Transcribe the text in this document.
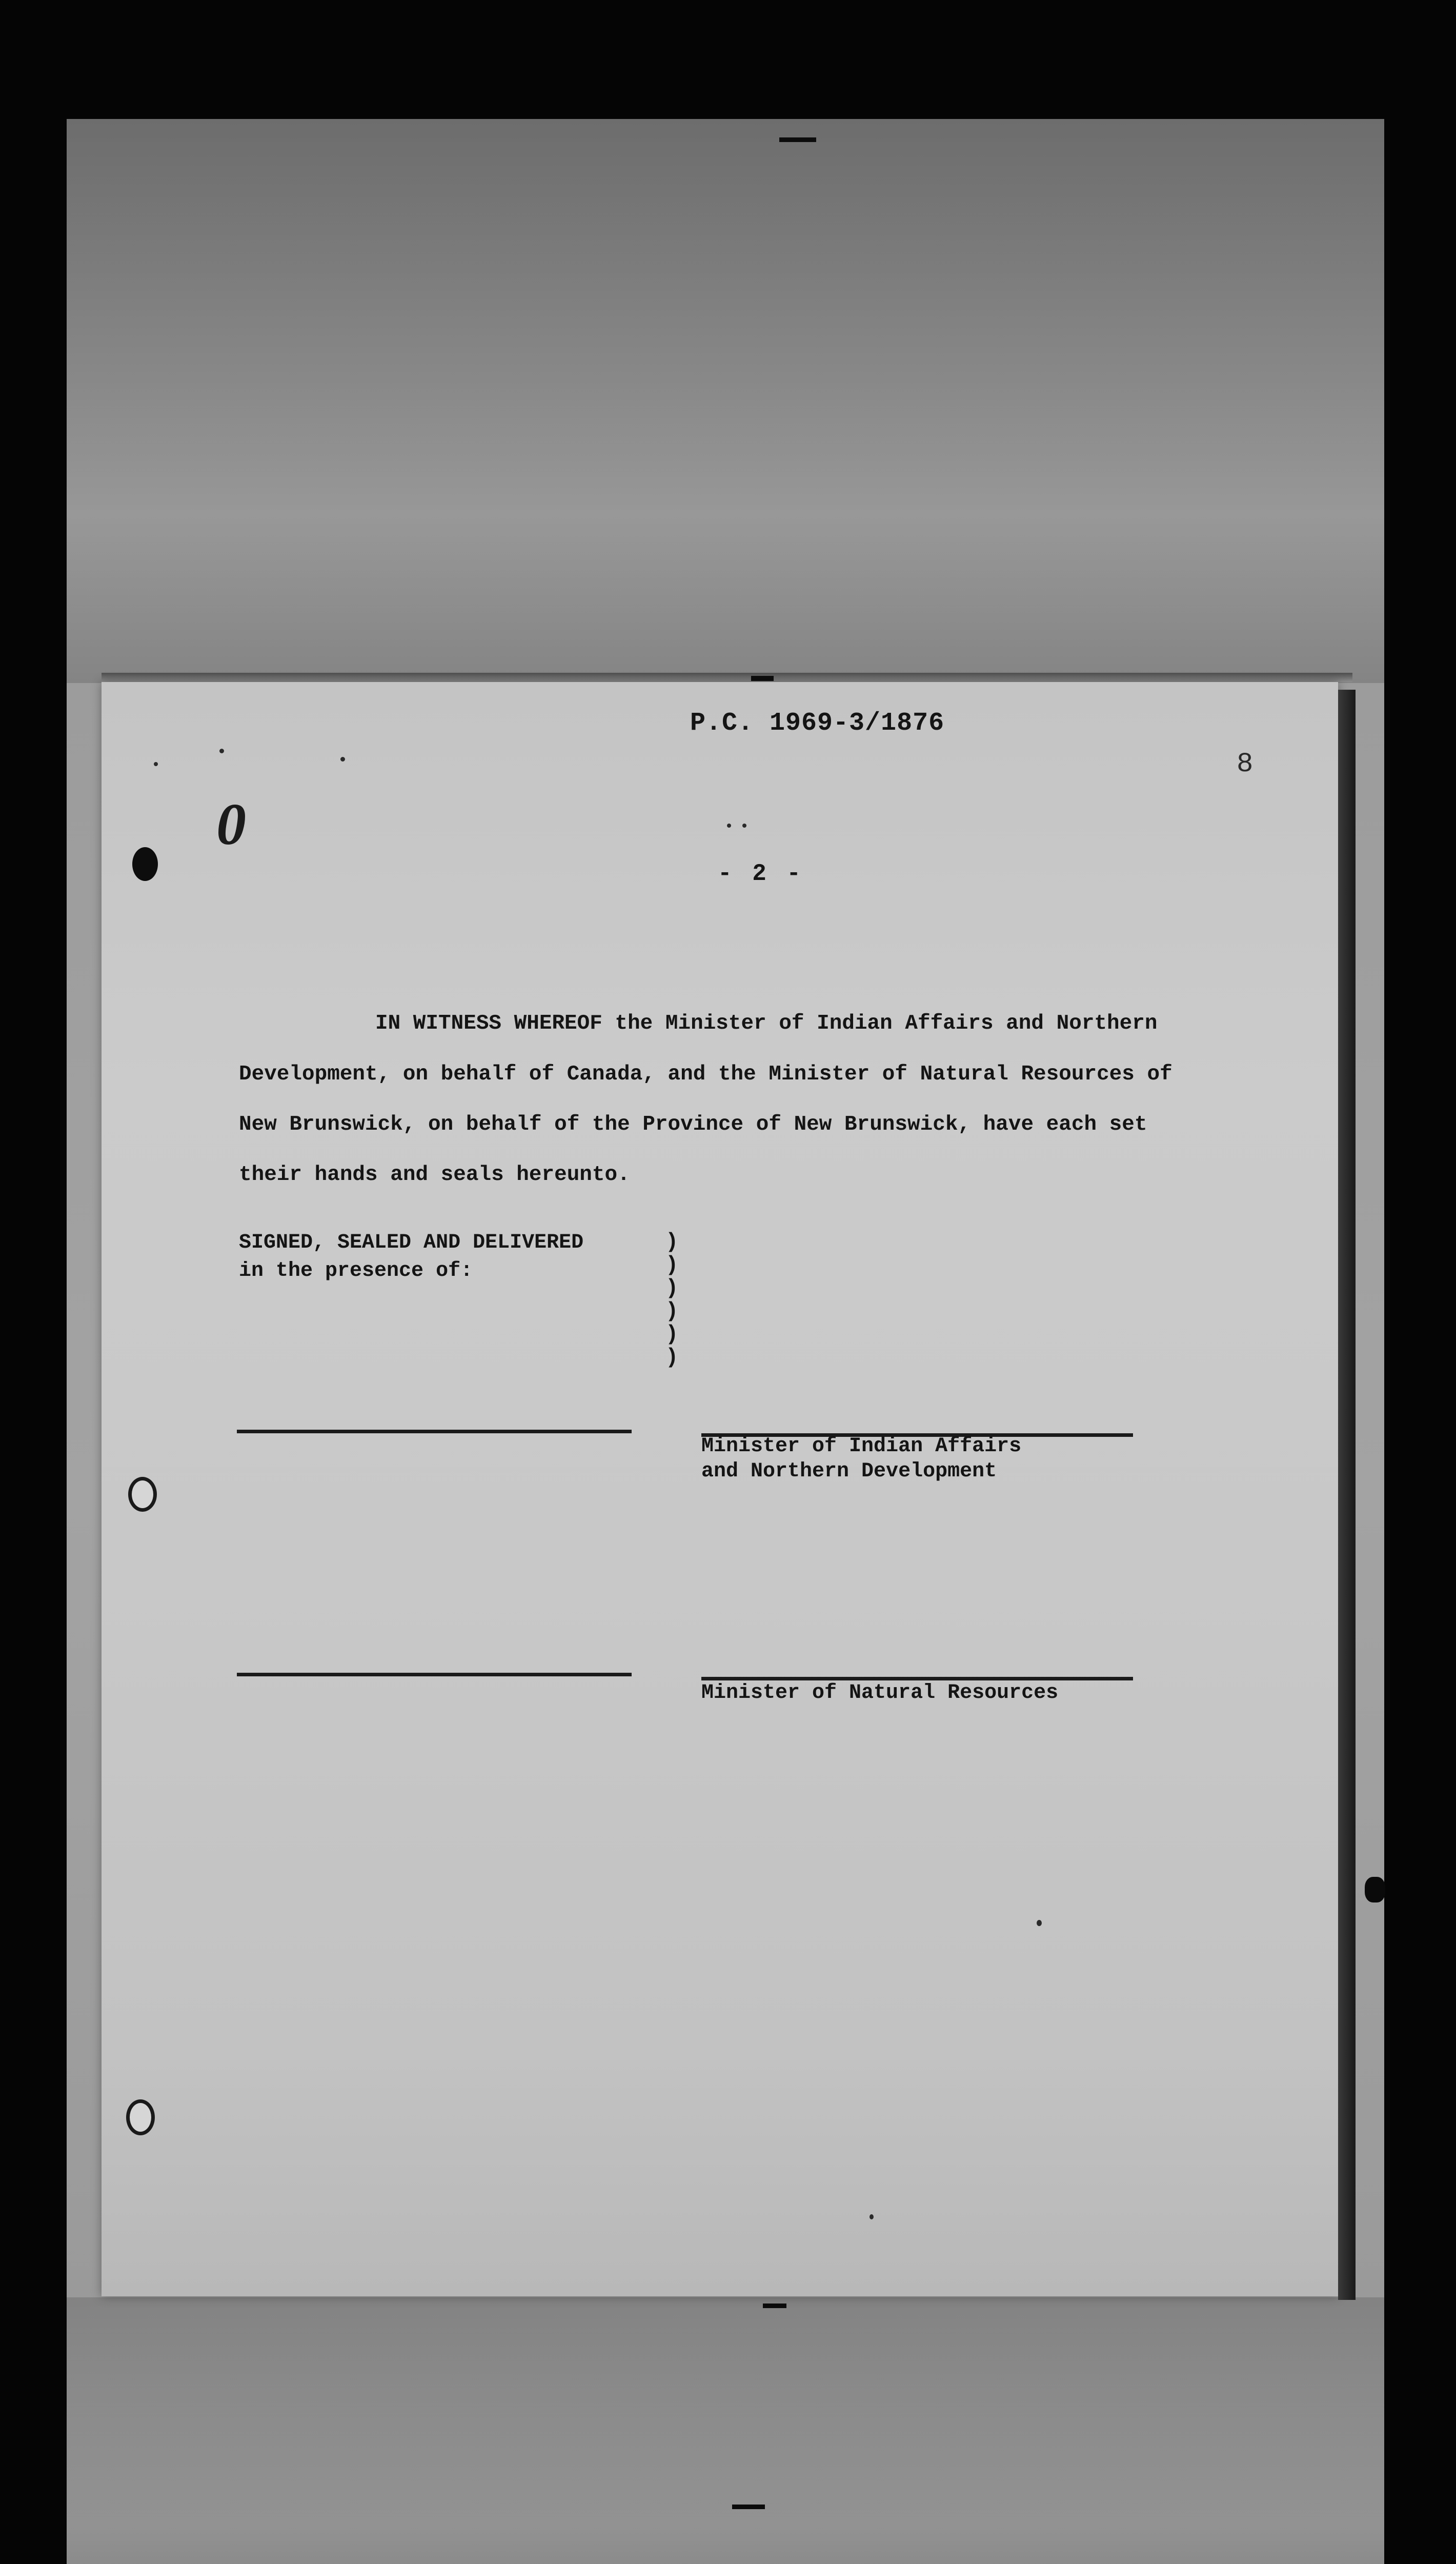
P.C. 1969-3/1876
8
0
- 2 -
IN WITNESS WHEREOF the Minister of Indian Affairs and Northern
Development, on behalf of Canada, and the Minister of Natural Resources of
New Brunswick, on behalf of the Province of New Brunswick, have each set
their hands and seals hereunto.
SIGNED, SEALED AND DELIVERED
in the presence of:
)
)
)
)
)
)
Minister of Indian Affairs
and Northern Development
Minister of Natural Resources
